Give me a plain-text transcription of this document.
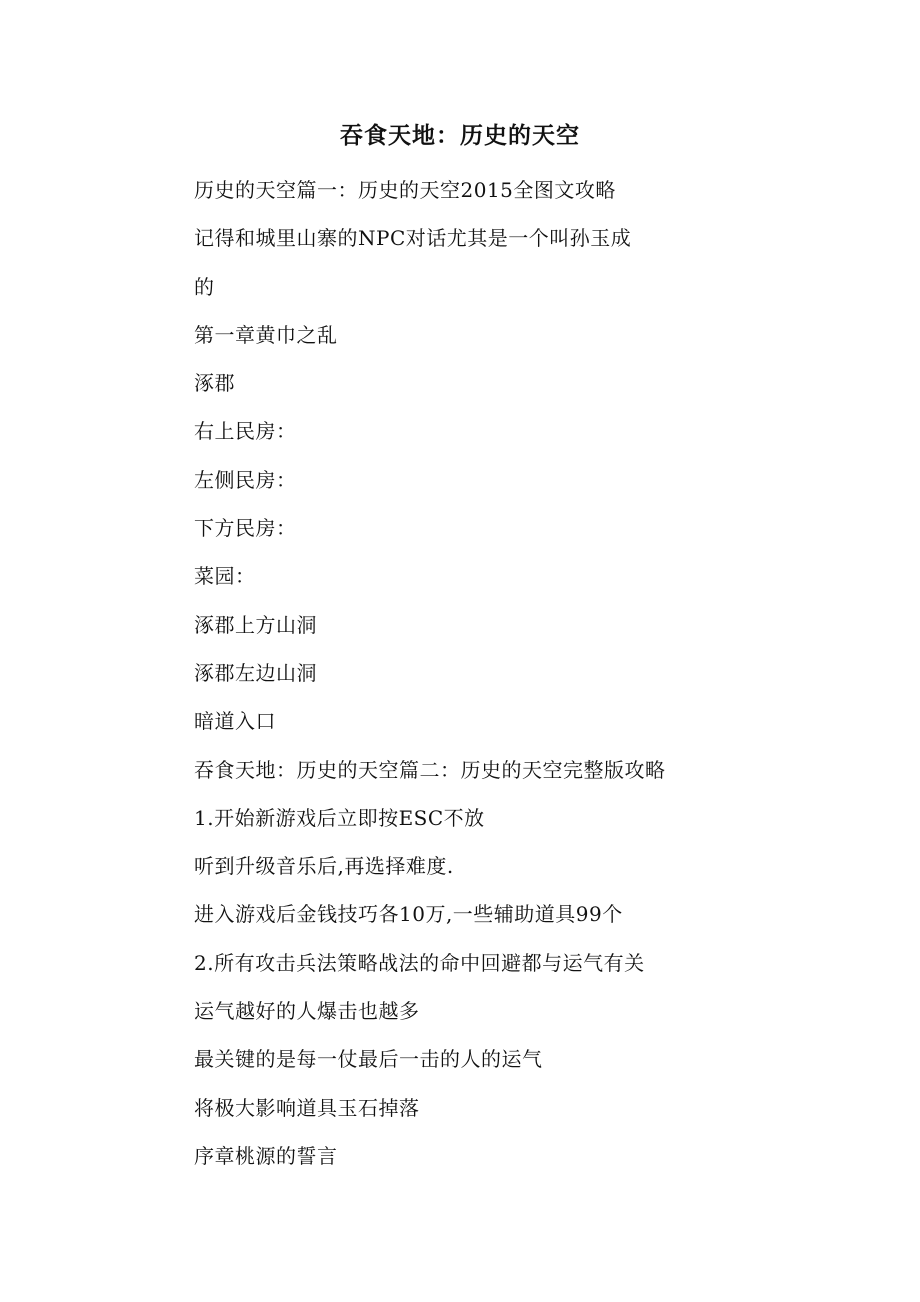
吞食天地：历史的天空
历史的天空篇一：历史的天空2015全图文攻略
记得和城里山寨的NPC对话尤其是一个叫孙玉成
的
第一章黄巾之乱
涿郡
右上民房：
左侧民房：
下方民房：
菜园：
涿郡上方山洞
涿郡左边山洞
暗道入口
吞食天地：历史的天空篇二：历史的天空完整版攻略
1.开始新游戏后立即按ESC不放
听到升级音乐后,再选择难度.
进入游戏后金钱技巧各10万,一些辅助道具99个
2.所有攻击兵法策略战法的命中回避都与运气有关
运气越好的人爆击也越多
最关键的是每一仗最后一击的人的运气
将极大影响道具玉石掉落
序章桃源的誓言
